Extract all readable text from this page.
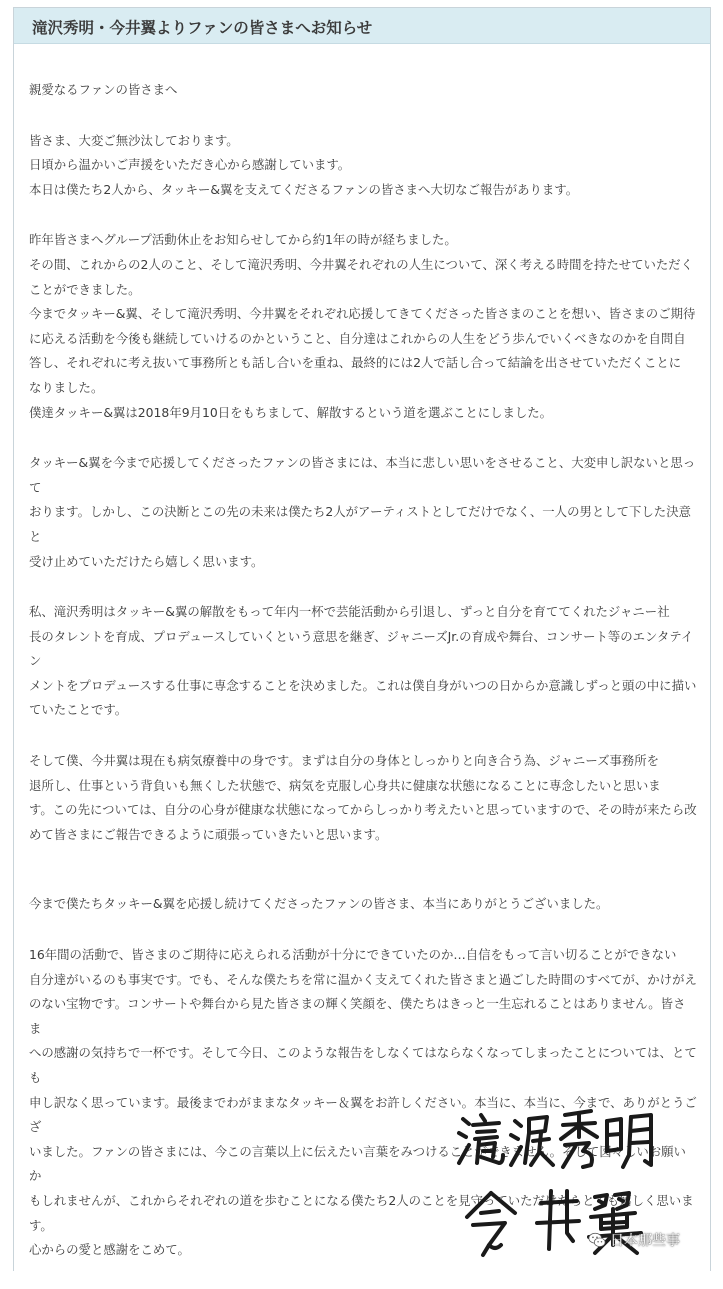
滝沢秀明・今井翼よりファンの皆さまへお知らせ

親愛なるファンの皆さまへ

皆さま、大変ご無沙汰しております。
日頃から温かいご声援をいただき心から感謝しています。
本日は僕たち2人から、タッキー&翼を支えてくださるファンの皆さまへ大切なご報告があります。

昨年皆さまへグループ活動休止をお知らせしてから約1年の時が経ちました。
その間、これからの2人のこと、そして滝沢秀明、今井翼それぞれの人生について、深く考える時間を持たせていただく
ことができました。
今までタッキー&翼、そして滝沢秀明、今井翼をそれぞれ応援してきてくださった皆さまのことを想い、皆さまのご期待
に応える活動を今後も継続していけるのかということ、自分達はこれからの人生をどう歩んでいくべきなのかを自問自
答し、それぞれに考え抜いて事務所とも話し合いを重ね、最終的には2人で話し合って結論を出させていただくことに
なりました。
僕達タッキー&翼は2018年9月10日をもちまして、解散するという道を選ぶことにしました。

タッキー&翼を今まで応援してくださったファンの皆さまには、本当に悲しい思いをさせること、大変申し訳ないと思って
おります。しかし、この決断とこの先の未来は僕たち2人がアーティストとしてだけでなく、一人の男として下した決意と
受け止めていただけたら嬉しく思います。

私、滝沢秀明はタッキー&翼の解散をもって年内一杯で芸能活動から引退し、ずっと自分を育ててくれたジャニー社
長のタレントを育成、プロデュースしていくという意思を継ぎ、ジャニーズJr.の育成や舞台、コンサート等のエンタテイン
メントをプロデュースする仕事に専念することを決めました。これは僕自身がいつの日からか意識しずっと頭の中に描い
ていたことです。

そして僕、今井翼は現在も病気療養中の身です。まずは自分の身体としっかりと向き合う為、ジャニーズ事務所を
退所し、仕事という背負いも無くした状態で、病気を克服し心身共に健康な状態になることに専念したいと思いま
す。この先については、自分の心身が健康な状態になってからしっかり考えたいと思っていますので、その時が来たら改
めて皆さまにご報告できるように頑張っていきたいと思います。

今まで僕たちタッキー&翼を応援し続けてくださったファンの皆さま、本当にありがとうございました。

16年間の活動で、皆さまのご期待に応えられる活動が十分にできていたのか…自信をもって言い切ることができない
自分達がいるのも事実です。でも、そんな僕たちを常に温かく支えてくれた皆さまと過ごした時間のすべてが、かけがえ
のない宝物です。コンサートや舞台から見た皆さまの輝く笑顔を、僕たちはきっと一生忘れることはありません。皆さま
への感謝の気持ちで一杯です。そして今日、このような報告をしなくてはならなくなってしまったことについては、とても
申し訳なく思っています。最後までわがままなタッキー＆翼をお許しください。本当に、本当に、今まで、ありがとうござ
いました。ファンの皆さまには、今この言葉以上に伝えたい言葉をみつけることができません。そして図々しいお願いか
もしれませんが、これからそれぞれの道を歩むことになる僕たち2人のことを見守っていただけたらとても嬉しく思います。
心からの愛と感謝をこめて。

日本那些事
